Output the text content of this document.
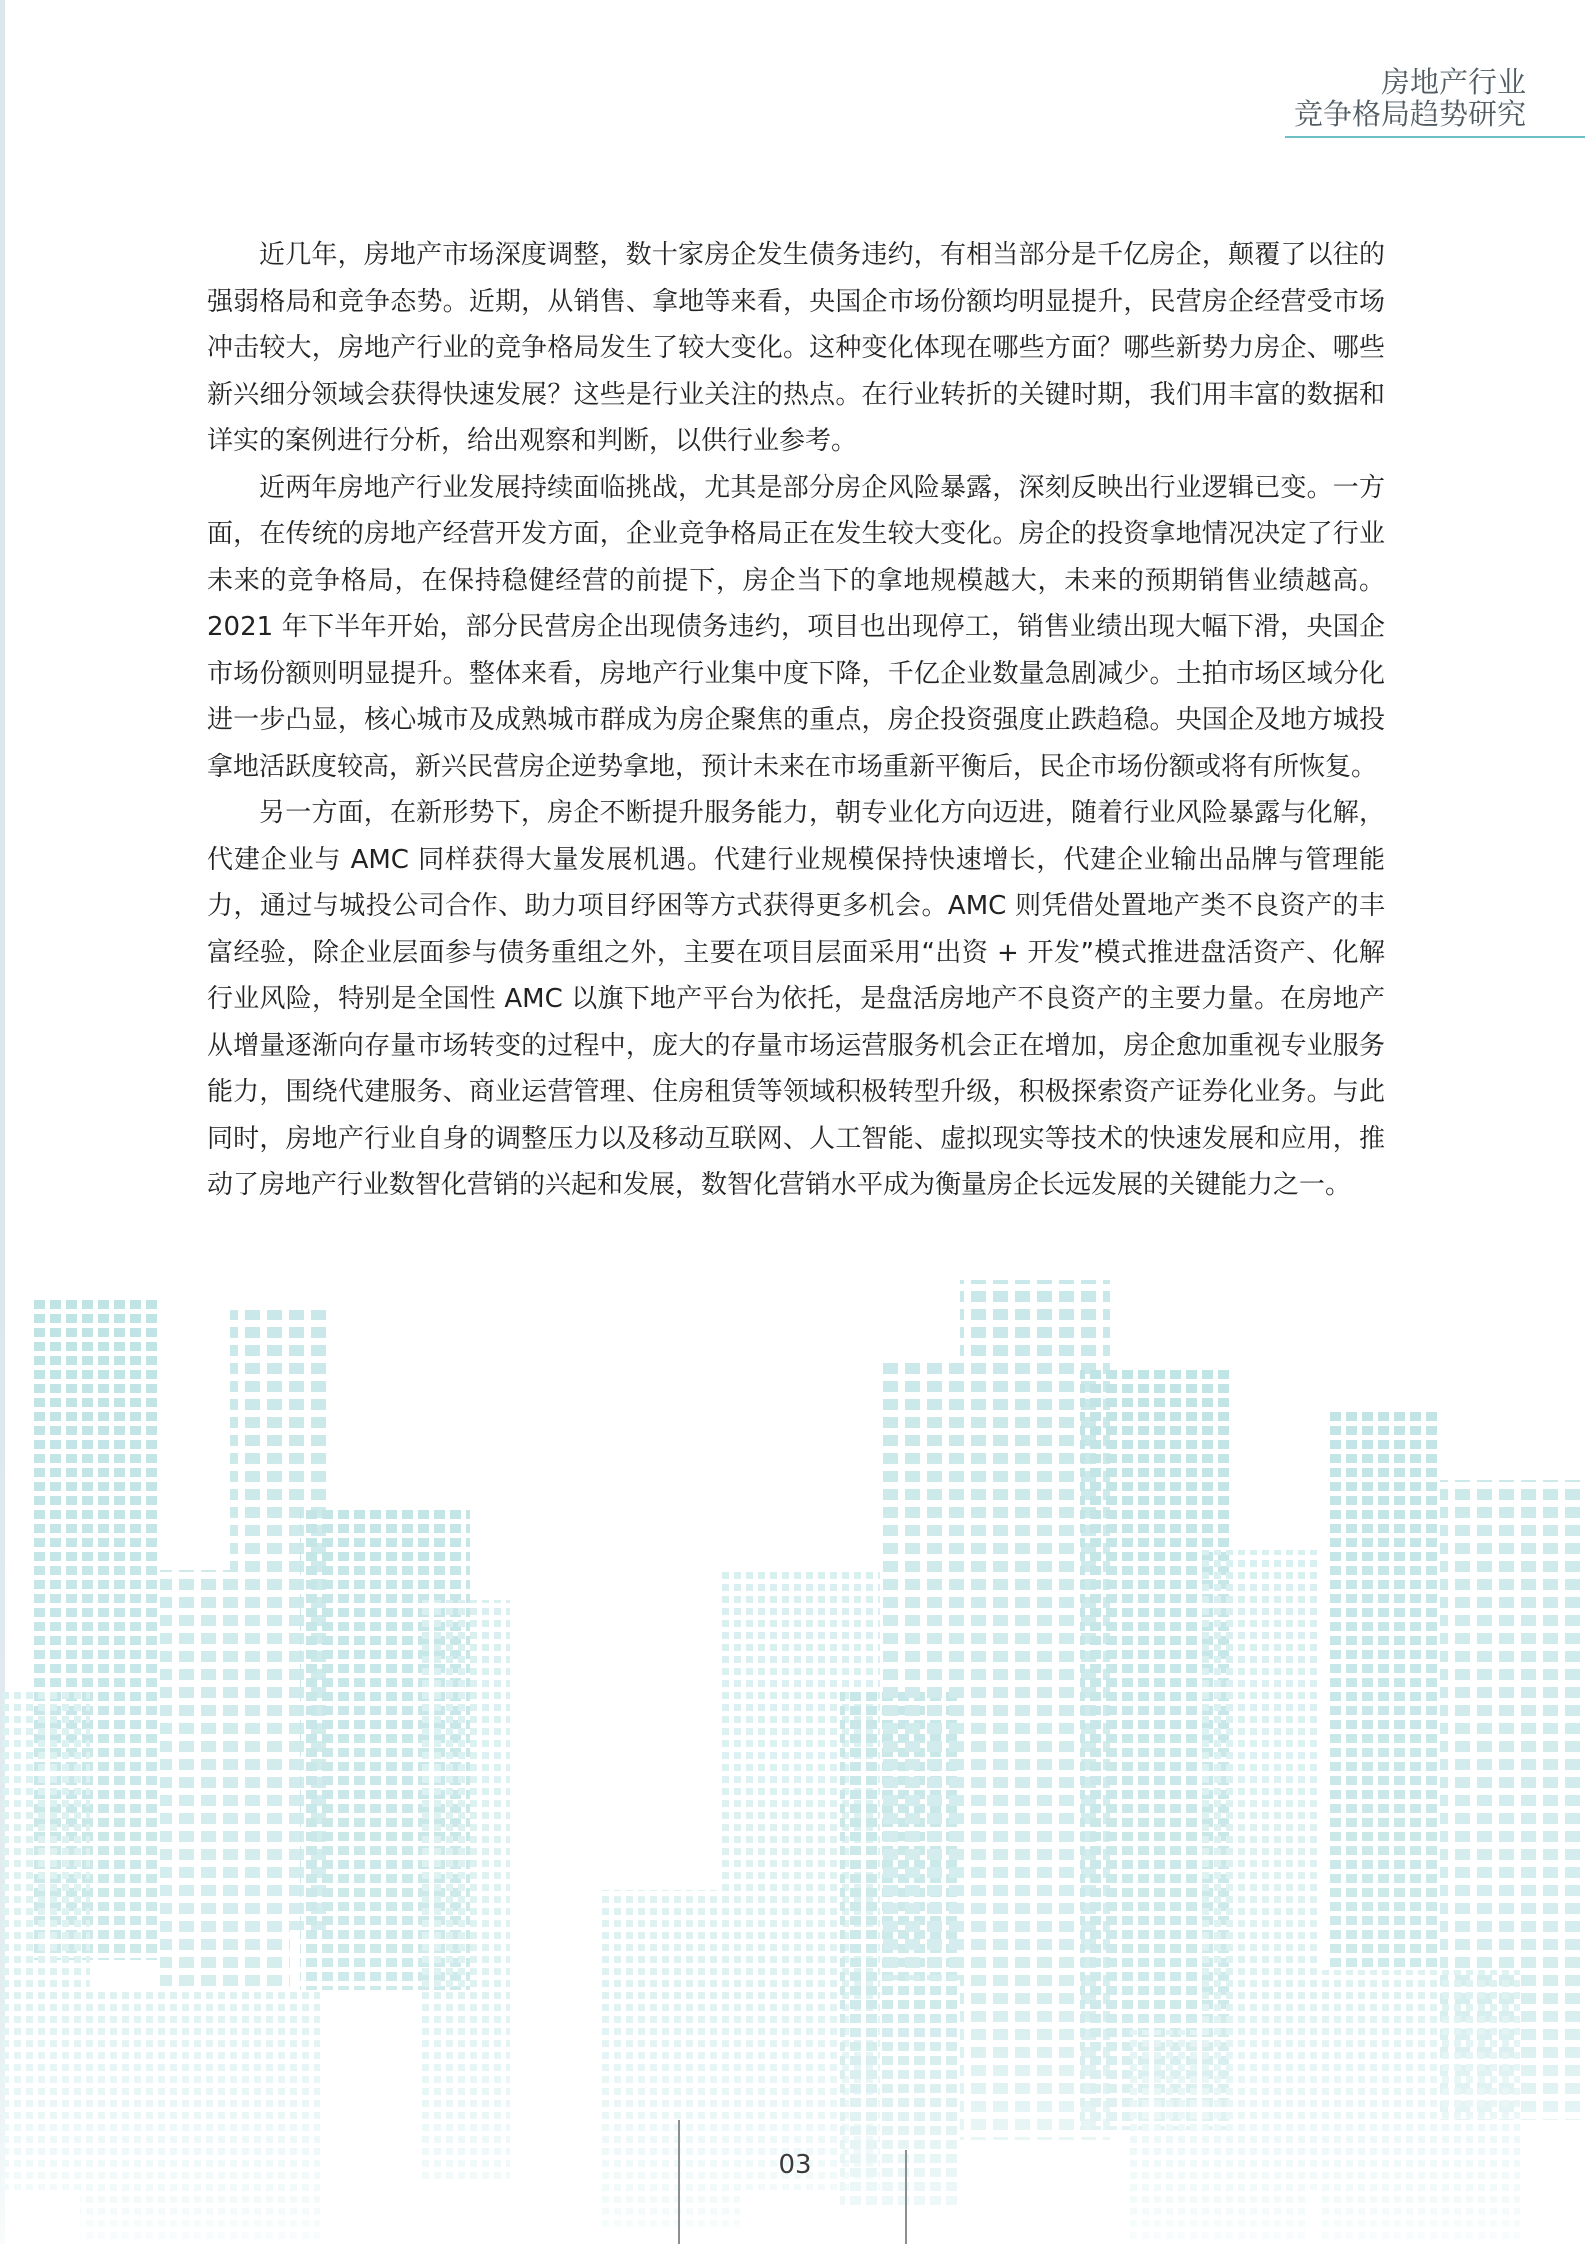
房地产行业
竞争格局趋势研究

近几年，房地产市场深度调整，数十家房企发生债务违约，有相当部分是千亿房企，颠覆了以往的强弱格局和竞争态势。近期，从销售、拿地等来看，央国企市场份额均明显提升，民营房企经营受市场冲击较大，房地产行业的竞争格局发生了较大变化。这种变化体现在哪些方面？哪些新势力房企、哪些新兴细分领域会获得快速发展？这些是行业关注的热点。在行业转折的关键时期，我们用丰富的数据和详实的案例进行分析，给出观察和判断，以供行业参考。

近两年房地产行业发展持续面临挑战，尤其是部分房企风险暴露，深刻反映出行业逻辑已变。一方面，在传统的房地产经营开发方面，企业竞争格局正在发生较大变化。房企的投资拿地情况决定了行业未来的竞争格局，在保持稳健经营的前提下，房企当下的拿地规模越大，未来的预期销售业绩越高。2021 年下半年开始，部分民营房企出现债务违约，项目也出现停工，销售业绩出现大幅下滑，央国企市场份额则明显提升。整体来看，房地产行业集中度下降，千亿企业数量急剧减少。土拍市场区域分化进一步凸显，核心城市及成熟城市群成为房企聚焦的重点，房企投资强度止跌趋稳。央国企及地方城投拿地活跃度较高，新兴民营房企逆势拿地，预计未来在市场重新平衡后，民企市场份额或将有所恢复。

另一方面，在新形势下，房企不断提升服务能力，朝专业化方向迈进，随着行业风险暴露与化解，代建企业与 AMC 同样获得大量发展机遇。代建行业规模保持快速增长，代建企业输出品牌与管理能力，通过与城投公司合作、助力项目纾困等方式获得更多机会。AMC 则凭借处置地产类不良资产的丰富经验，除企业层面参与债务重组之外，主要在项目层面采用“出资 + 开发”模式推进盘活资产、化解行业风险，特别是全国性 AMC 以旗下地产平台为依托，是盘活房地产不良资产的主要力量。在房地产从增量逐渐向存量市场转变的过程中，庞大的存量市场运营服务机会正在增加，房企愈加重视专业服务能力，围绕代建服务、商业运营管理、住房租赁等领域积极转型升级，积极探索资产证券化业务。与此同时，房地产行业自身的调整压力以及移动互联网、人工智能、虚拟现实等技术的快速发展和应用，推动了房地产行业数智化营销的兴起和发展，数智化营销水平成为衡量房企长远发展的关键能力之一。

03
